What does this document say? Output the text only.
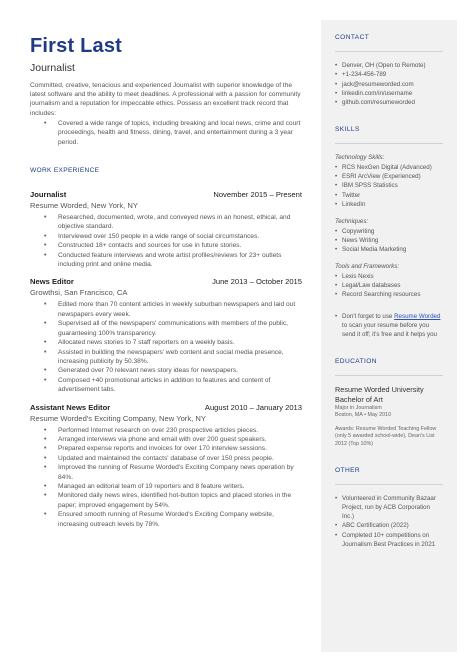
First Last
Journalist

Committed, creative, tenacious and experienced Journalist with superior knowledge of the latest software and the ability to meet deadlines. A professional with a passion for community journalism and a reputation for impeccable ethics. Possess an excellent track record that includes:

• Covered a wide range of topics, including breaking and local news, crime and court proceedings, health and fitness, dining, travel, and entertainment during a 3 year period.
WORK EXPERIENCE
Journalist	November 2015 – Present
Resume Worded, New York, NY
• Researched, documented, wrote, and conveyed news in an honest, ethical, and objective standard.
• Interviewed over 150 people in a wide range of social circumstances.
• Constructed 18+ contacts and sources for use in future stories.
• Conducted feature interviews and wrote artist profiles/reviews for 23+ outlets including print and online media.
News Editor	June 2013 – October 2015
Growthsi, San Francisco, CA
• Edited more than 70 content articles in weekly suburban newspapers and laid out newspapers every week.
• Supervised all of the newspapers' communications with members of the public, guaranteeing 100% transparency.
• Allocated news stories to 7 staff reporters on a weekly basis.
• Assisted in building the newspapers' web content and social media presence, increasing publicity by 50.38%.
• Generated over 70 relevant news story ideas for newspapers.
• Composed +40 promotional articles in addition to features and content of advertisement tabs.
Assistant News Editor	August 2010 – January 2013
Resume Worded's Exciting Company, New York, NY
• Performed Internet research on over 230 prospective articles pieces.
• Arranged interviews via phone and email with over 200 guest speakers.
• Prepared expense reports and invoices for over 170 interview sessions.
• Updated and maintained the contacts' database of over 150 press people.
• Improved the running of Resume Worded's Exciting Company news operation by 84%.
• Managed an editorial team of 19 reporters and 8 feature writers.
• Monitored daily news wires, identified hot-button topics and placed stories in the paper; improved engagement by 54%.
• Ensured smooth running of Resume Worded's Exciting Company website, increasing outreach levels by 78%.
CONTACT
• Denver, OH (Open to Remote)
• +1-234-456-789
• jack@resumeworded.com
• linkedin.com/in/username
• github.com/resumeworded
SKILLS
Technology Skills:
• RCS NexGen Digital (Advanced)
• ESRI ArcView (Experienced)
• IBM SPSS Statistics
• Twitter
• LinkedIn
Techniques:
• Copywriting
• News Writing
• Social Media Marketing
Tools and Frameworks:
• Lexis Nexis
• Legal/Law databases
• Record Searching resources
• Don't forget to use Resume Worded to scan your resume before you send it off; it's free and it helps you
EDUCATION
Resume Worded University
Bachelor of Art
Major in Journalism
Boston, MA • May 2010
Awards: Resume Worded Teaching Fellow (only 5 awarded school-wide), Dean's List 2012 (Top 10%)
OTHER
• Volunteered in Community Bazaar Project, run by ACB Corporation Inc.)
• ABC Certification (2022)
• Completed 10+ competitions on Journalism Best Practices in 2021
